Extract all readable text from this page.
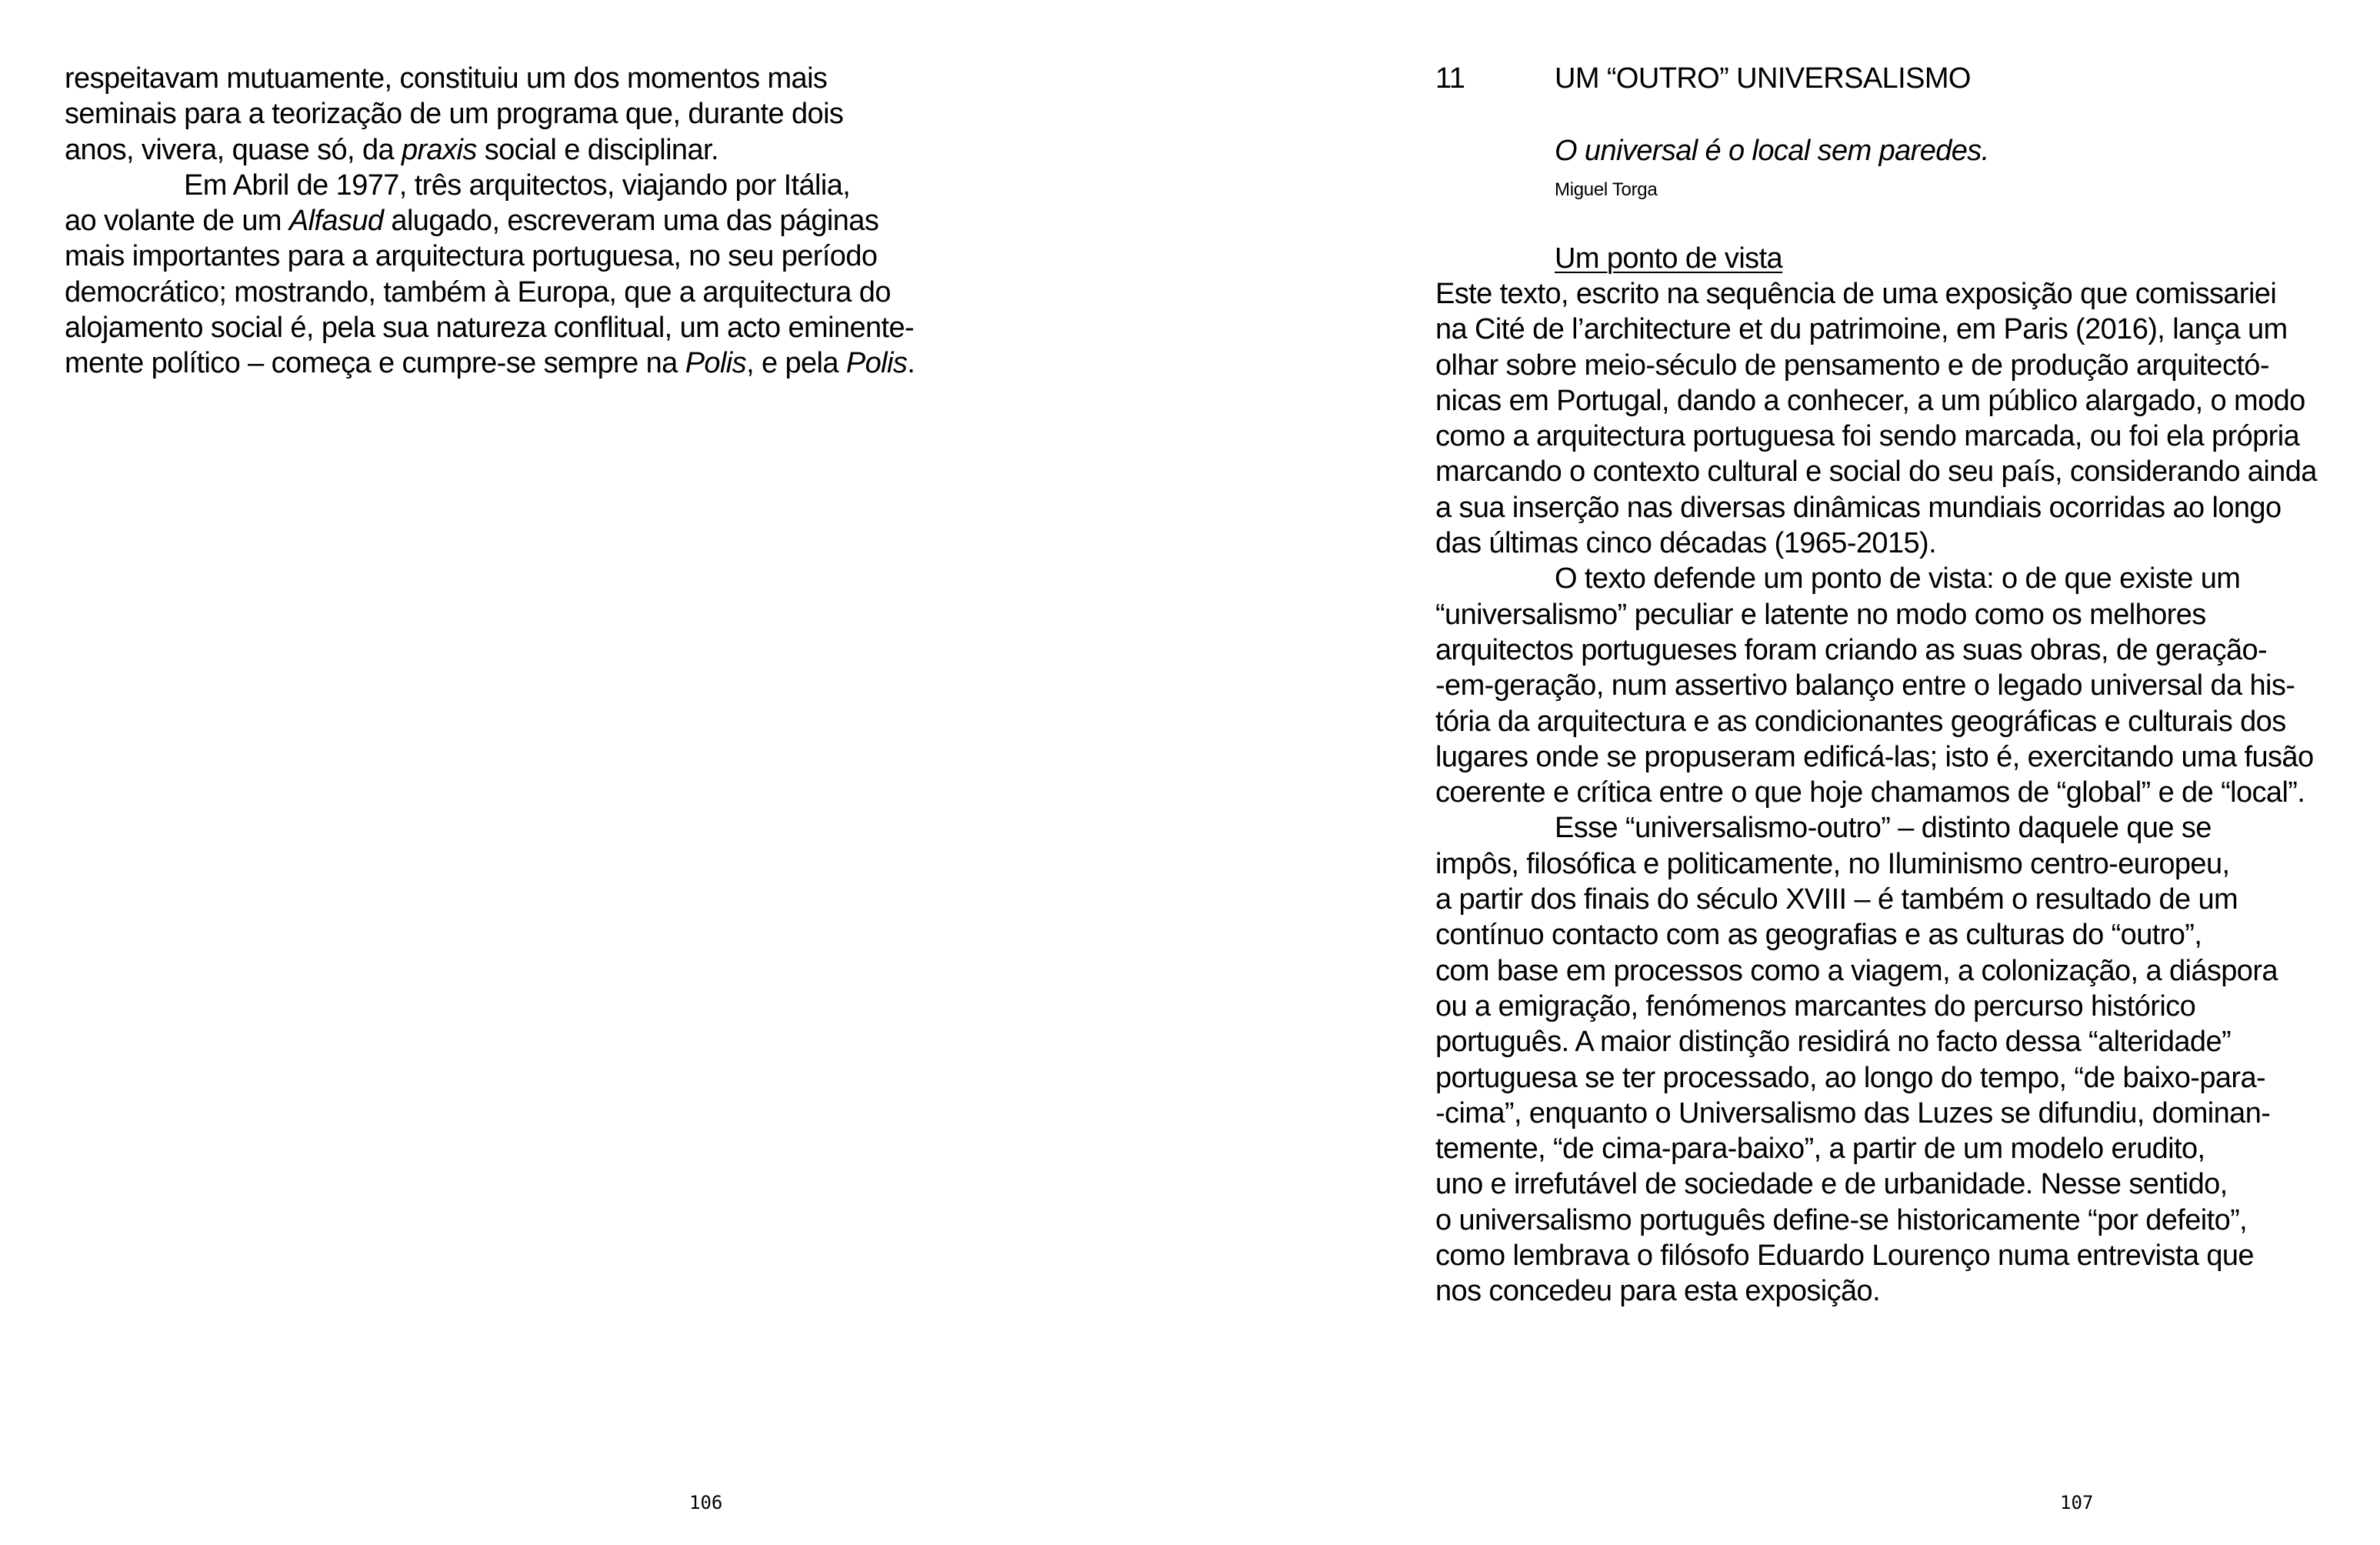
respeitavam mutuamente, constituiu um dos momentos mais
seminais para a teorização de um programa que, durante dois
anos, vivera, quase só, da praxis social e disciplinar.
Em Abril de 1977, três arquitectos, viajando por Itália,
ao volante de um Alfasud alugado, escreveram uma das páginas
mais importantes para a arquitectura portuguesa, no seu período
democrático; mostrando, também à Europa, que a arquitectura do
alojamento social é, pela sua natureza conflitual, um acto eminente-
mente político – começa e cumpre-se sempre na Polis, e pela Polis.
106
11	UM “OUTRO” UNIVERSALISMO
O universal é o local sem paredes.
Miguel Torga
Um ponto de vista
Este texto, escrito na sequência de uma exposição que comissariei
na Cité de l’architecture et du patrimoine, em Paris (2016), lança um
olhar sobre meio-século de pensamento e de produção arquitectó-
nicas em Portugal, dando a conhecer, a um público alargado, o modo
como a arquitectura portuguesa foi sendo marcada, ou foi ela própria
marcando o contexto cultural e social do seu país, considerando ainda
a sua inserção nas diversas dinâmicas mundiais ocorridas ao longo
das últimas cinco décadas (1965-2015).
O texto defende um ponto de vista: o de que existe um
“universalismo” peculiar e latente no modo como os melhores
arquitectos portugueses foram criando as suas obras, de geração-
-em-geração, num assertivo balanço entre o legado universal da his-
tória da arquitectura e as condicionantes geográficas e culturais dos
lugares onde se propuseram edificá-las; isto é, exercitando uma fusão
coerente e crítica entre o que hoje chamamos de “global” e de “local”.
Esse “universalismo-outro” – distinto daquele que se
impôs, filosófica e politicamente, no Iluminismo centro-europeu,
a partir dos finais do século XVIII – é também o resultado de um
contínuo contacto com as geografias e as culturas do “outro”,
com base em processos como a viagem, a colonização, a diáspora
ou a emigração, fenómenos marcantes do percurso histórico
português. A maior distinção residirá no facto dessa “alteridade”
portuguesa se ter processado, ao longo do tempo, “de baixo-para-
-cima”, enquanto o Universalismo das Luzes se difundiu, dominan-
temente, “de cima-para-baixo”, a partir de um modelo erudito,
uno e irrefutável de sociedade e de urbanidade. Nesse sentido,
o universalismo português define-se historicamente “por defeito”,
como lembrava o filósofo Eduardo Lourenço numa entrevista que
nos concedeu para esta exposição.
107
